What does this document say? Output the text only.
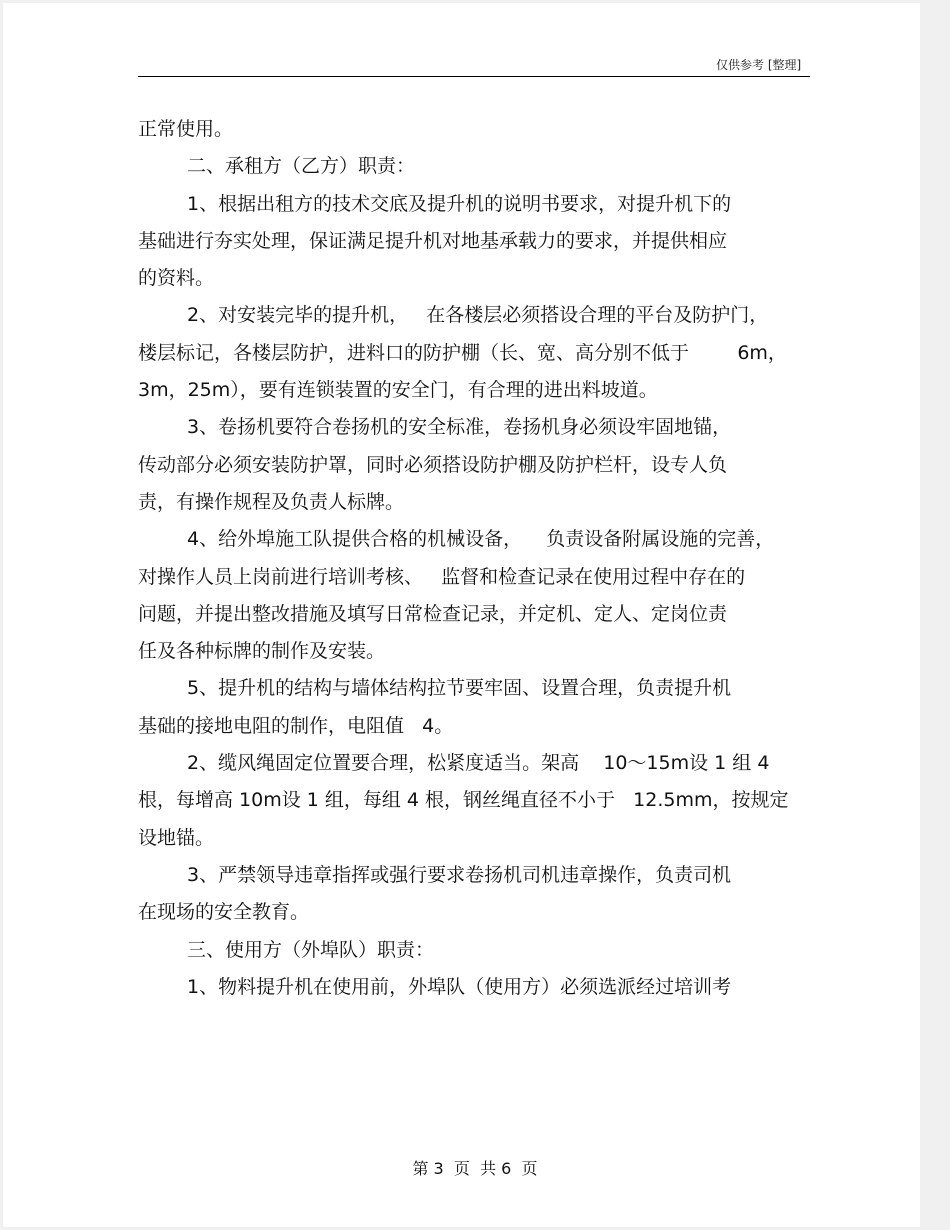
仅供参考 [整理]
正常使用。
二、承租方（乙方）职责：
1、根据出租方的技术交底及提升机的说明书要求，对提升机下的
基础进行夯实处理，保证满足提升机对地基承载力的要求，并提供相应
的资料。
2、对安装完毕的提升机，   在各楼层必须搭设合理的平台及防护门，
楼层标记，各楼层防护，进料口的防护棚（长、宽、高分别不低于        6m，
3m，25m），要有连锁装置的安全门，有合理的进出料坡道。
3、卷扬机要符合卷扬机的安全标准，卷扬机身必须设牢固地锚，
传动部分必须安装防护罩，同时必须搭设防护棚及防护栏杆，设专人负
责，有操作规程及负责人标牌。
4、给外埠施工队提供合格的机械设备，    负责设备附属设施的完善，
对操作人员上岗前进行培训考核、   监督和检查记录在使用过程中存在的
问题，并提出整改措施及填写日常检查记录，并定机、定人、定岗位责
任及各种标牌的制作及安装。
5、提升机的结构与墙体结构拉节要牢固、设置合理，负责提升机
基础的接地电阻的制作，电阻值   4。
2、缆风绳固定位置要合理，松紧度适当。架高    10～15m设 1 组 4
根，每增高 10m设 1 组，每组 4 根，钢丝绳直径不小于   12.5mm，按规定
设地锚。
3、严禁领导违章指挥或强行要求卷扬机司机违章操作，负责司机
在现场的安全教育。
三、使用方（外埠队）职责：
1、物料提升机在使用前，外埠队（使用方）必须选派经过培训考
第 3  页  共 6  页
